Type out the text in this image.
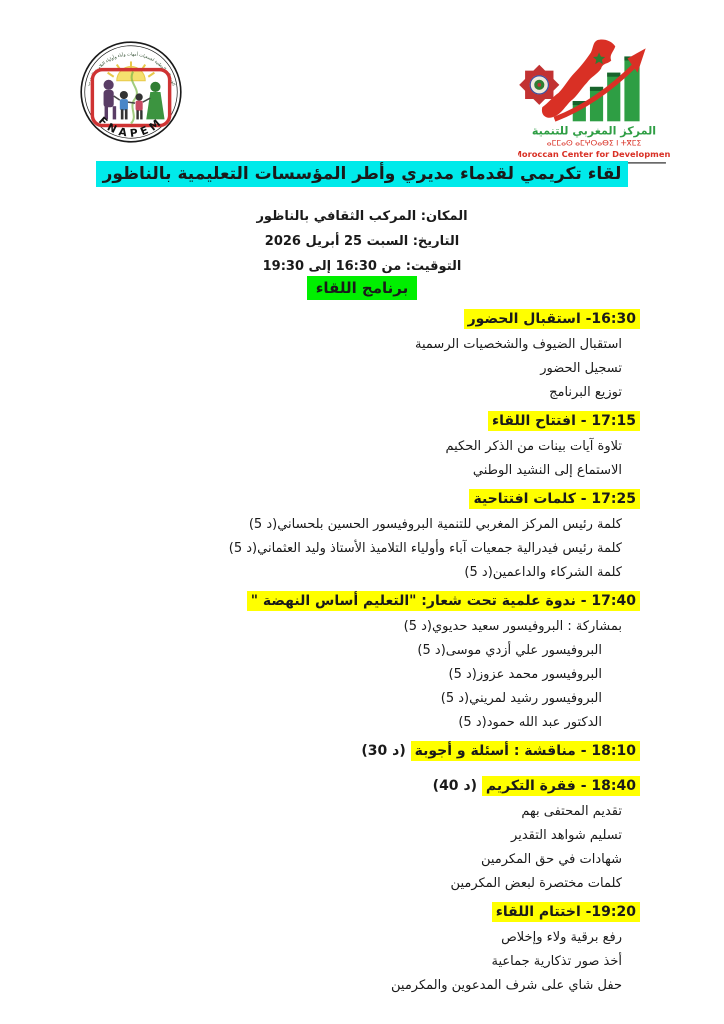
الفيدرالية الوطنية لجمعيات أمهات وآباء وأولياء التلاميذ بالمغرب
FNAPEM	المركز المغربي للتنمية
ⴰⵎⵎⴰⵙ ⴰⵎⵖⵔⴰⴱⵉ ⵏ ⵜⴳⵎⵉ
Moroccan Center for Development
لقاء تكريمي لقدماء مديري وأطر المؤسسات التعليمية بالناظور
المكان: المركب الثقافي بالناظور
التاريخ: السبت 25 أبريل 2026
التوقيت: من 16:30 إلى 19:30
برنامج اللقاء
16:30- استقبال الحضور
استقبال الضيوف والشخصيات الرسمية
تسجيل الحضور
توزيع البرنامج
17:15 - افتتاح اللقاء
تلاوة آيات بينات من الذكر الحكيم
الاستماع إلى النشيد الوطني
17:25 - كلمات افتتاحية
كلمة رئيس المركز المغربي للتنمية البروفيسور الحسين بلحساني(5 د)
كلمة رئيس فيدرالية جمعيات آباء وأولياء التلاميذ الأستاذ وليد العثماني(5 د)
كلمة الشركاء والداعمين(5 د)
17:40 - ندوة علمية تحت شعار: "التعليم أساس النهضة "
بمشاركة : البروفيسور سعيد حديوي(5 د)
البروفيسور علي أزدي موسى(5 د)
البروفيسور محمد عزوز(5 د)
البروفيسور رشيد لمريني(5 د)
الدكتور عبد الله حمود(5 د)
18:10 - مناقشة : أسئلة و أجوبة (30 د)
18:40 - فقرة التكريم (40 د)
تقديم المحتفى بهم
تسليم شواهد التقدير
شهادات في حق المكرمين
كلمات مختصرة لبعض المكرمين
19:20- اختتام اللقاء
رفع برقية ولاء وإخلاص
أخذ صور تذكارية جماعية
حفل شاي على شرف المدعوين والمكرمين
